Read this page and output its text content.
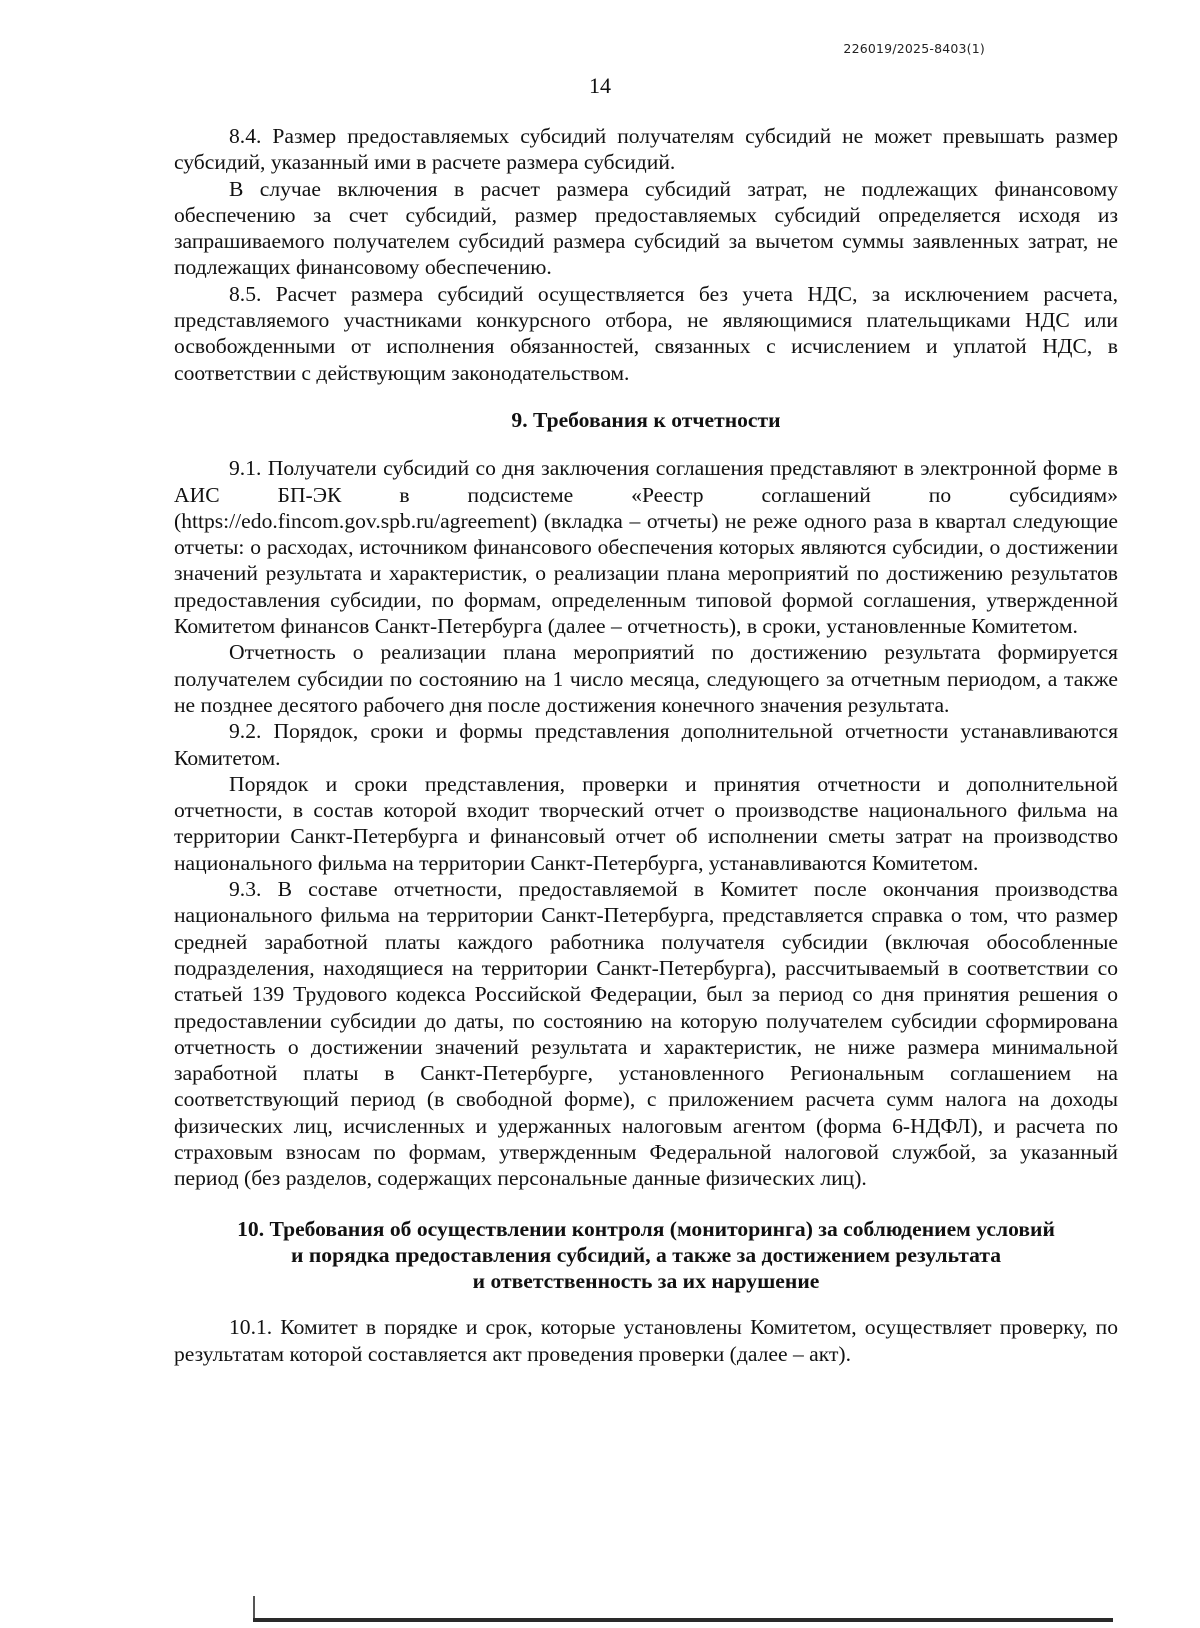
226019/2025-8403(1)
14

8.4. Размер предоставляемых субсидий получателям субсидий не может превышать размер субсидий, указанный ими в расчете размера субсидий.

В случае включения в расчет размера субсидий затрат, не подлежащих финансовому обеспечению за счет субсидий, размер предоставляемых субсидий определяется исходя из запрашиваемого получателем субсидий размера субсидий за вычетом суммы заявленных затрат, не подлежащих финансовому обеспечению.

8.5. Расчет размера субсидий осуществляется без учета НДС, за исключением расчета, представляемого участниками конкурсного отбора, не являющимися плательщиками НДС или освобожденными от исполнения обязанностей, связанных с исчислением и уплатой НДС, в соответствии с действующим законодательством.

9. Требования к отчетности

9.1. Получатели субсидий со дня заключения соглашения представляют в электронной форме в АИС БП-ЭК в подсистеме «Реестр соглашений по субсидиям» (https://edo.fincom.gov.spb.ru/agreement) (вкладка – отчеты) не реже одного раза в квартал следующие отчеты: о расходах, источником финансового обеспечения которых являются субсидии, о достижении значений результата и характеристик, о реализации плана мероприятий по достижению результатов предоставления субсидии, по формам, определенным типовой формой соглашения, утвержденной Комитетом финансов Санкт-Петербурга (далее – отчетность), в сроки, установленные Комитетом.

Отчетность о реализации плана мероприятий по достижению результата формируется получателем субсидии по состоянию на 1 число месяца, следующего за отчетным периодом, а также не позднее десятого рабочего дня после достижения конечного значения результата.

9.2. Порядок, сроки и формы представления дополнительной отчетности устанавливаются Комитетом.

Порядок и сроки представления, проверки и принятия отчетности и дополнительной отчетности, в состав которой входит творческий отчет о производстве национального фильма на территории Санкт-Петербурга и финансовый отчет об исполнении сметы затрат на производство национального фильма на территории Санкт-Петербурга, устанавливаются Комитетом.

9.3. В составе отчетности, предоставляемой в Комитет после окончания производства национального фильма на территории Санкт-Петербурга, представляется справка о том, что размер средней заработной платы каждого работника получателя субсидии (включая обособленные подразделения, находящиеся на территории Санкт-Петербурга), рассчитываемый в соответствии со статьей 139 Трудового кодекса Российской Федерации, был за период со дня принятия решения о предоставлении субсидии до даты, по состоянию на которую получателем субсидии сформирована отчетность о достижении значений результата и характеристик, не ниже размера минимальной заработной платы в Санкт-Петербурге, установленного Региональным соглашением на соответствующий период (в свободной форме), с приложением расчета сумм налога на доходы физических лиц, исчисленных и удержанных налоговым агентом (форма 6-НДФЛ), и расчета по страховым взносам по формам, утвержденным Федеральной налоговой службой, за указанный период (без разделов, содержащих персональные данные физических лиц).

10. Требования об осуществлении контроля (мониторинга) за соблюдением условий
и порядка предоставления субсидий, а также за достижением результата
и ответственность за их нарушение

10.1. Комитет в порядке и срок, которые установлены Комитетом, осуществляет проверку, по результатам которой составляется акт проведения проверки (далее – акт).
